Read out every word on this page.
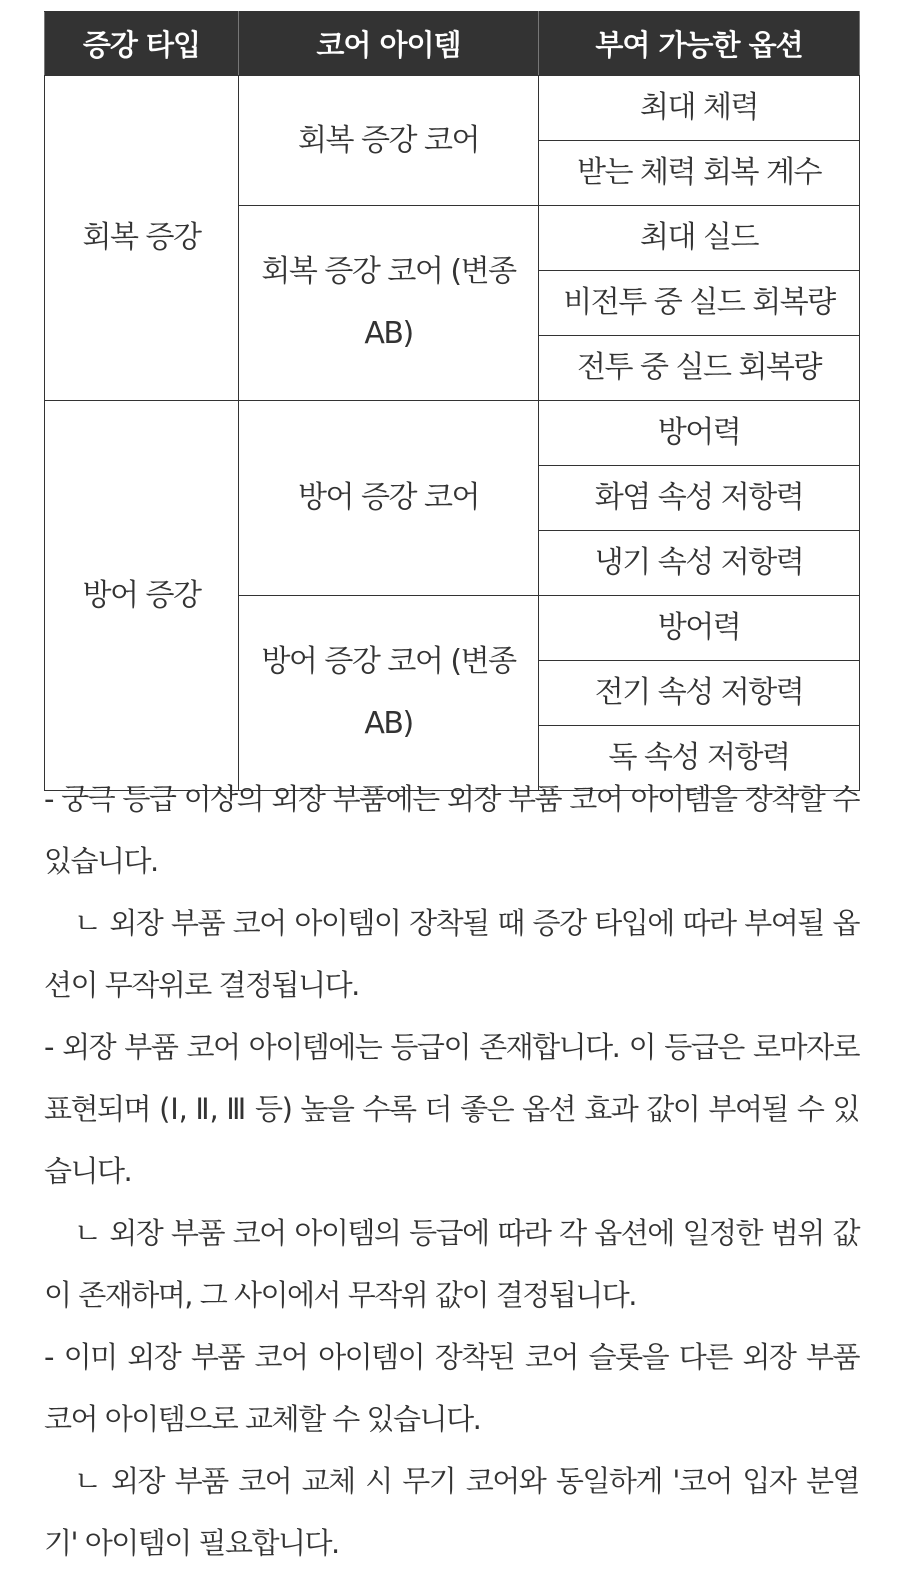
증강 타입	코어 아이템	부여 가능한 옵션
회복 증강	회복 증강 코어	최대 체력
		받는 체력 회복 계수
	회복 증강 코어 (변종 AB)	최대 실드
		비전투 중 실드 회복량
		전투 중 실드 회복량
방어 증강	방어 증강 코어	방어력
		화염 속성 저항력
		냉기 속성 저항력
	방어 증강 코어 (변종 AB)	방어력
		전기 속성 저항력
		독 속성 저항력

- 궁극 등급 이상의 외장 부품에는 외장 부품 코어 아이템을 장착할 수 있습니다.

ㄴ 외장 부품 코어 아이템이 장착될 때 증강 타입에 따라 부여될 옵션이 무작위로 결정됩니다.

- 외장 부품 코어 아이템에는 등급이 존재합니다. 이 등급은 로마자로 표현되며 (Ⅰ, Ⅱ, Ⅲ 등) 높을 수록 더 좋은 옵션 효과 값이 부여될 수 있습니다.

ㄴ 외장 부품 코어 아이템의 등급에 따라 각 옵션에 일정한 범위 값이 존재하며, 그 사이에서 무작위 값이 결정됩니다.

- 이미 외장 부품 코어 아이템이 장착된 코어 슬롯을 다른 외장 부품 코어 아이템으로 교체할 수 있습니다.

ㄴ 외장 부품 코어 교체 시 무기 코어와 동일하게 '코어 입자 분열기' 아이템이 필요합니다.
